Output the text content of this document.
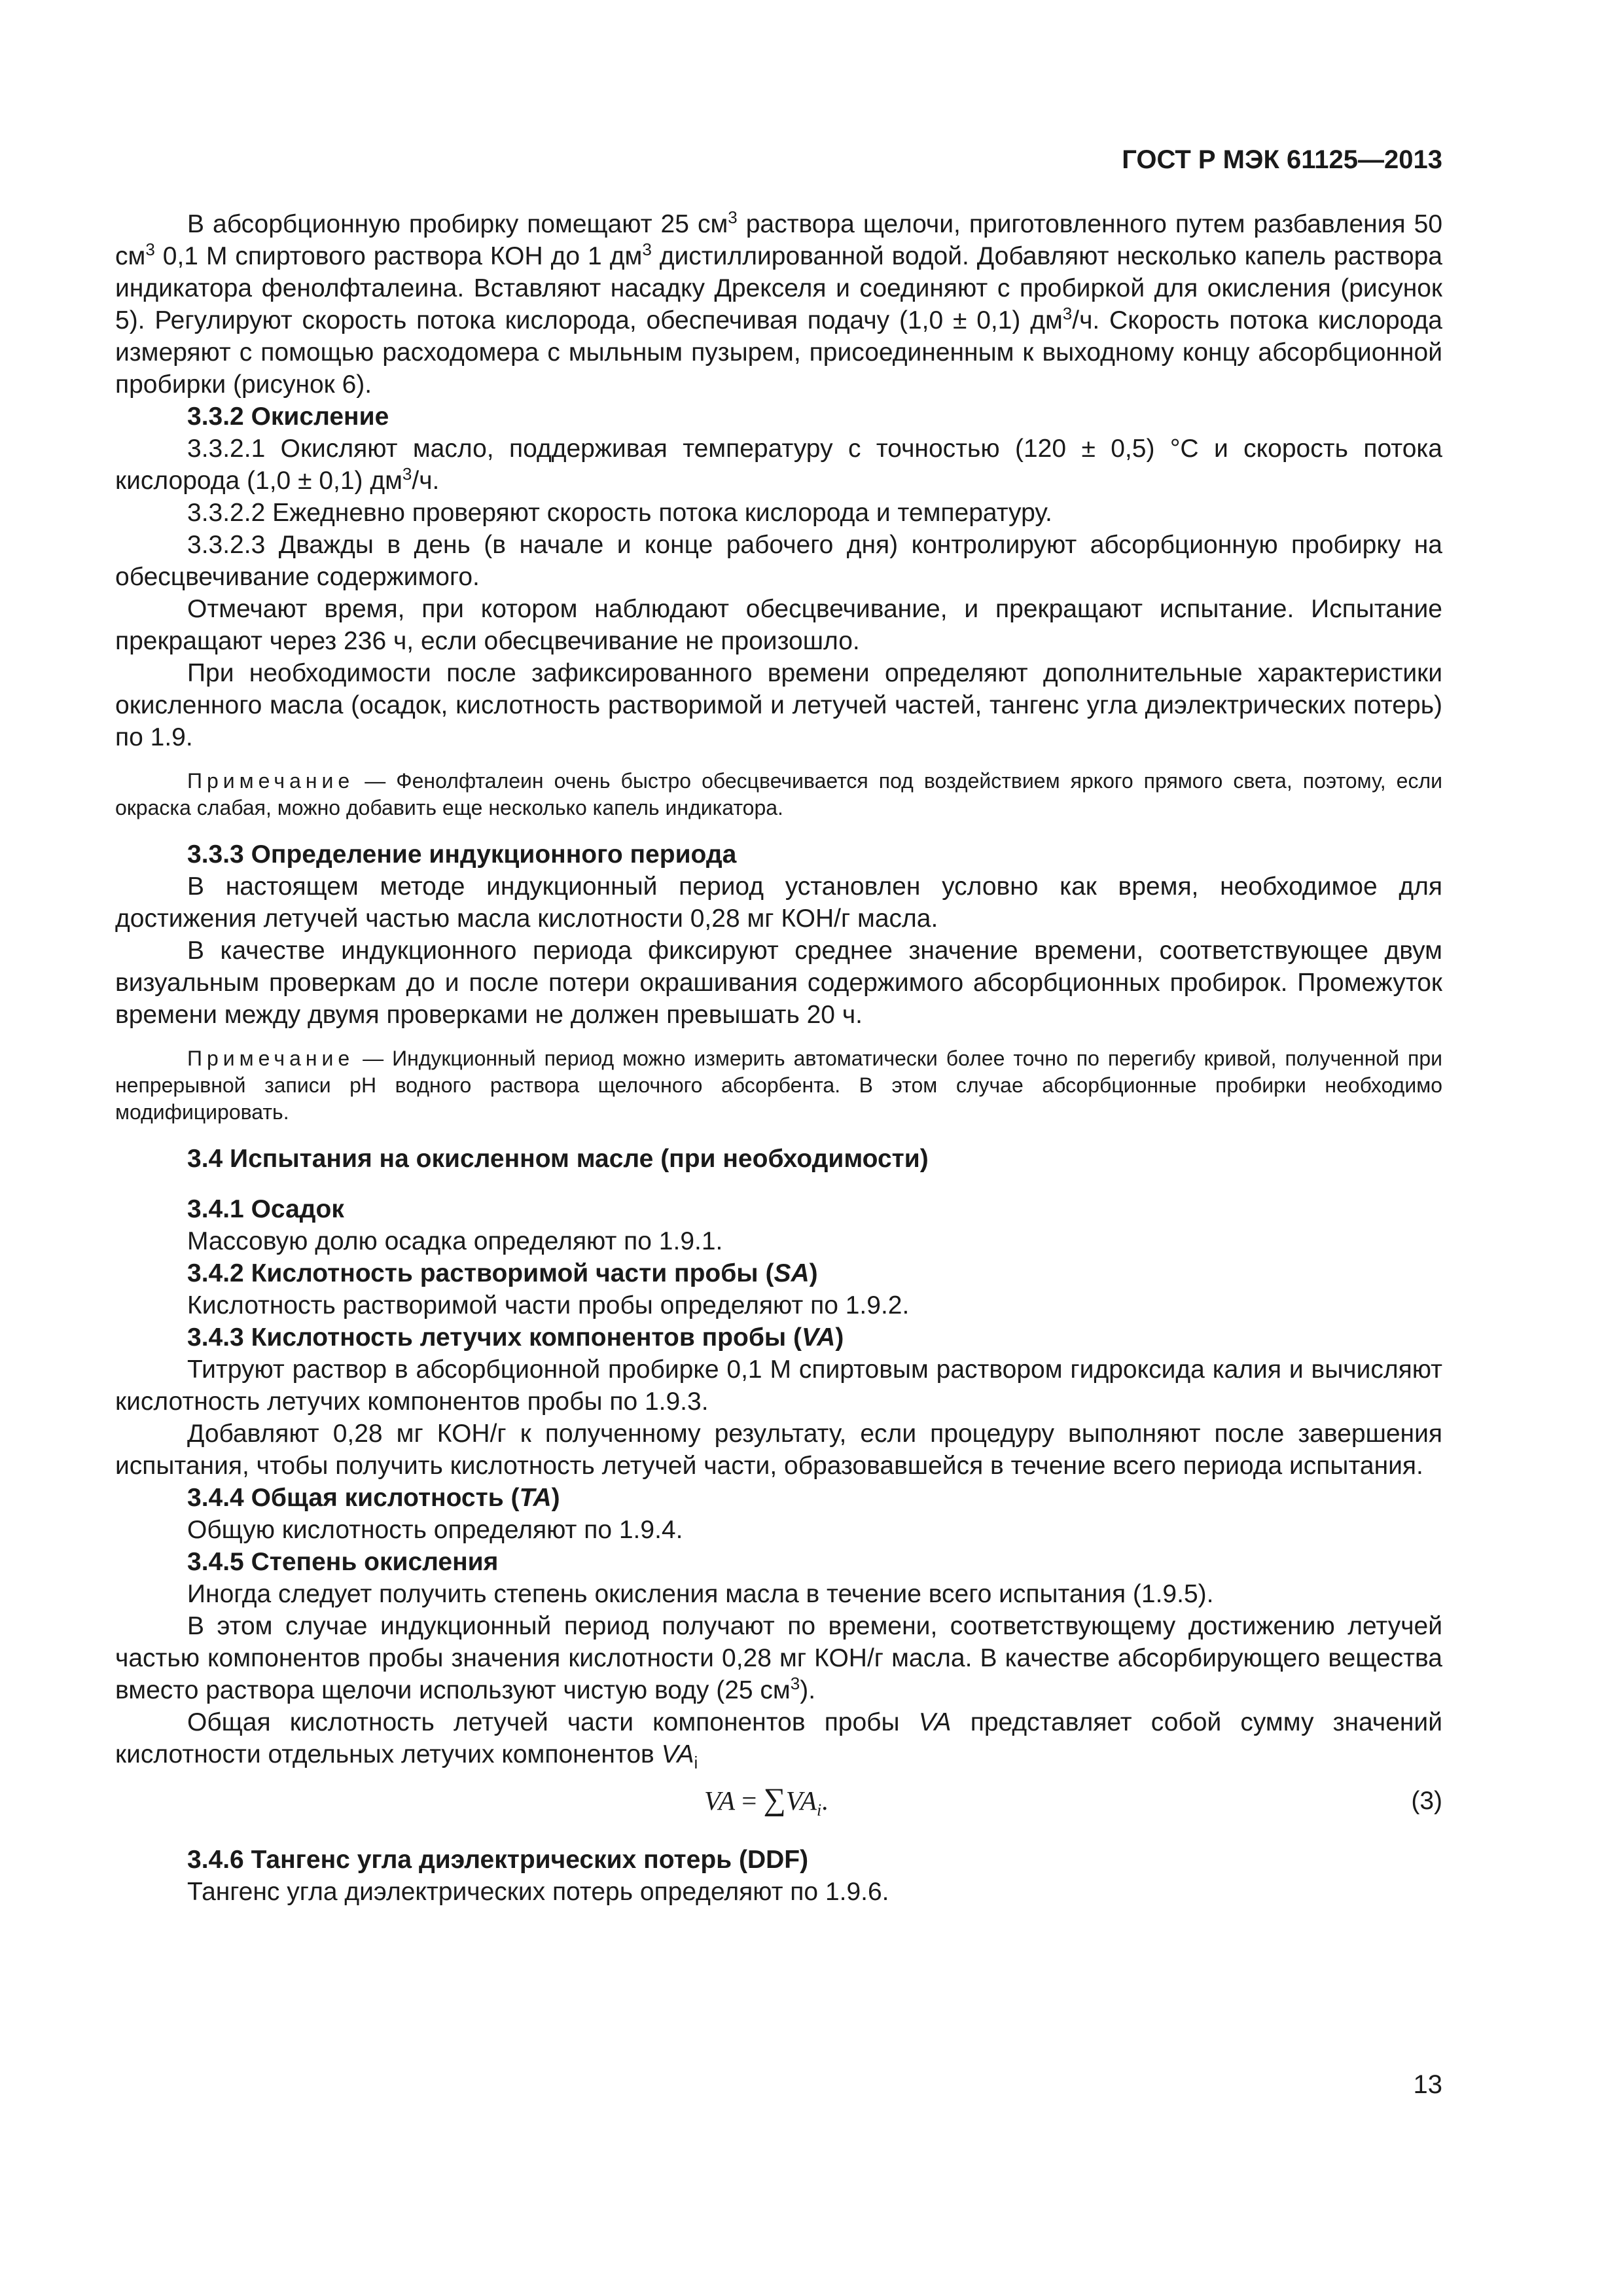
ГОСТ Р МЭК 61125—2013

В абсорбционную пробирку помещают 25 $см^3$ раствора щелочи, приготовленного путем разбавления 50 $см^3$ 0,1 М спиртового раствора КОН до 1 $дм^3$ дистиллированной водой. Добавляют несколько капель раствора индикатора фенолфталеина. Вставляют насадку Дрекселя и соединяют с пробиркой для окисления (рисунок 5). Регулируют скорость потока кислорода, обеспечивая подачу (1,0 ± 0,1) $дм^3/ч$. Скорость потока кислорода измеряют с помощью расходомера с мыльным пузырем, присоединенным к выходному концу абсорбционной пробирки (рисунок 6).

3.3.2 Окисление

3.3.2.1 Окисляют масло, поддерживая температуру с точностью (120 ± 0,5) °С и скорость потока кислорода (1,0 ± 0,1) $дм^3/ч$.

3.3.2.2 Ежедневно проверяют скорость потока кислорода и температуру.

3.3.2.3 Дважды в день (в начале и конце рабочего дня) контролируют абсорбционную пробирку на обесцвечивание содержимого.

Отмечают время, при котором наблюдают обесцвечивание, и прекращают испытание. Испытание прекращают через 236 ч, если обесцвечивание не произошло.

При необходимости после зафиксированного времени определяют дополнительные характеристики окисленного масла (осадок, кислотность растворимой и летучей частей, тангенс угла диэлектрических потерь) по 1.9.

Примечание — Фенолфталеин очень быстро обесцвечивается под воздействием яркого прямого света, поэтому, если окраска слабая, можно добавить еще несколько капель индикатора.

3.3.3 Определение индукционного периода

В настоящем методе индукционный период установлен условно как время, необходимое для достижения летучей частью масла кислотности 0,28 мг КОН/г масла.

В качестве индукционного периода фиксируют среднее значение времени, соответствующее двум визуальным проверкам до и после потери окрашивания содержимого абсорбционных пробирок. Промежуток времени между двумя проверками не должен превышать 20 ч.

Примечание — Индукционный период можно измерить автоматически более точно по перегибу кривой, полученной при непрерывной записи рН водного раствора щелочного абсорбента. В этом случае абсорбционные пробирки необходимо модифицировать.

3.4 Испытания на окисленном масле (при необходимости)
3.4.1 Осадок

Массовую долю осадка определяют по 1.9.1.

3.4.2 Кислотность растворимой части пробы (SA)

Кислотность растворимой части пробы определяют по 1.9.2.

3.4.3 Кислотность летучих компонентов пробы (VA)

Титруют раствор в абсорбционной пробирке 0,1 М спиртовым раствором гидроксида калия и вычисляют кислотность летучих компонентов пробы по 1.9.3.

Добавляют 0,28 мг КОН/г к полученному результату, если процедуру выполняют после завершения испытания, чтобы получить кислотность летучей части, образовавшейся в течение всего периода испытания.

3.4.4 Общая кислотность (TA)

Общую кислотность определяют по 1.9.4.

3.4.5 Степень окисления

Иногда следует получить степень окисления масла в течение всего испытания (1.9.5).

В этом случае индукционный период получают по времени, соответствующему достижению летучей частью компонентов пробы значения кислотности 0,28 мг КОН/г масла. В качестве абсорбирующего вещества вместо раствора щелочи используют чистую воду (25 $см^3$).

Общая кислотность летучей части компонентов пробы VA представляет собой сумму значений кислотности отдельных летучих компонентов $VA_i$

VA = $\sum VA_i$.	(3)
3.4.6 Тангенс угла диэлектрических потерь (DDF)

Тангенс угла диэлектрических потерь определяют по 1.9.6.

13
